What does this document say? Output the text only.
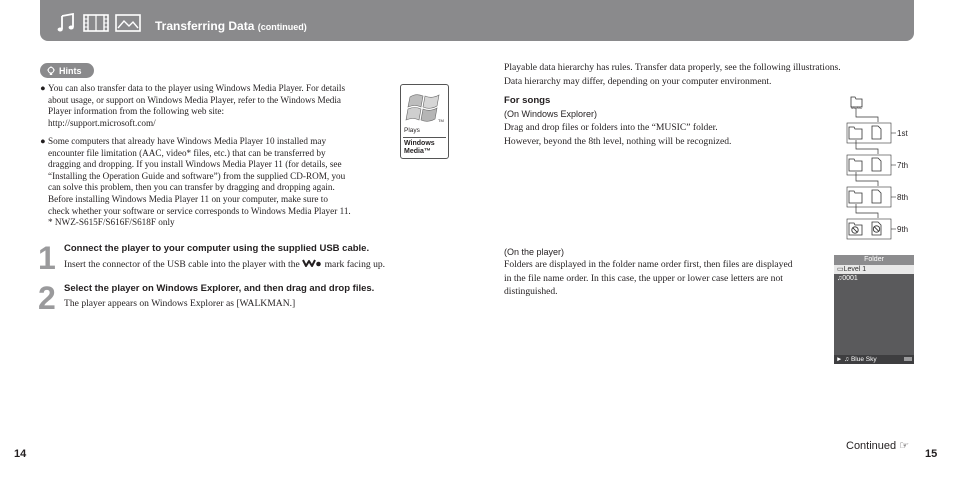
Transferring Data (continued)
Hints
● You can also transfer data to the player using Windows Media Player. For details

about usage, or support on Windows Media Player, refer to the Windows Media

Player information from the following web site:

http://support.microsoft.com/

● Some computers that already have Windows Media Player 10 installed may

encounter file limitation (AAC, video* files, etc.) that can be transferred by

dragging and dropping. If you install Windows Media Player 11 (for details, see

“Installing the Operation Guide and software”) from the supplied CD-ROM, you

can solve this problem, then you can transfer by dragging and dropping again.

Before installing Windows Media Player 11 on your computer, make sure to

check whether your software or service corresponds to Windows Media Player 11.

* NWZ-S615F/S616F/S618F only

TM
Plays
Windows
Media™
1 Connect the player to your computer using the supplied USB cable.
Insert the connector of the USB cable into the player with the	mark facing up.
2 Select the player on Windows Explorer, and then drag and drop files.
The player appears on Windows Explorer as [WALKMAN.]

Playable data hierarchy has rules. Transfer data properly, see the following illustrations.

Data hierarchy may differ, depending on your computer environment.

For songs
(On Windows Explorer)

Drag and drop files or folders into the “MUSIC” folder.

However, beyond the 8th level, nothing will be recognized.

MUSIC
1st
7th
8th
9th
(On the player)

Folders are displayed in the folder name order first, then files are displayed

in the file name order. In this case, the upper or lower case letters are not

distinguished.

Folder
▭Level 1
♫0001
► ♫ Blue Sky
14
Continued ☞
15
